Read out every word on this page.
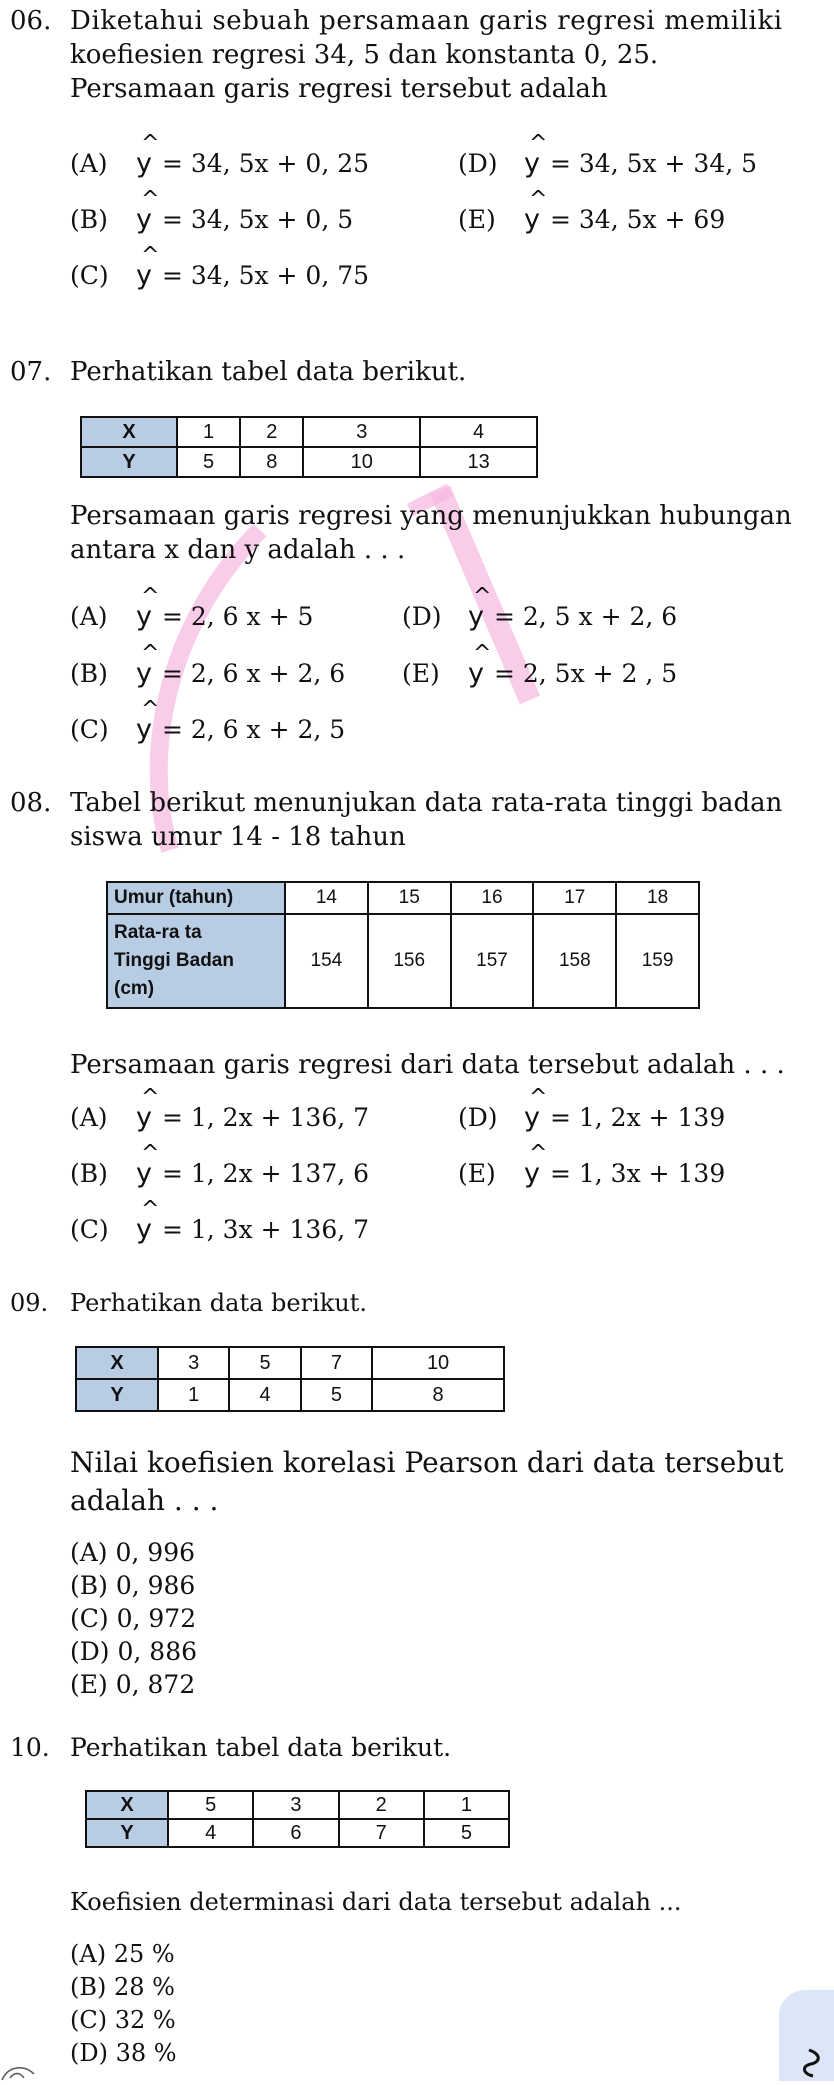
06. Diketahui sebuah persamaan garis regresi memiliki
koefiesien regresi 34, 5 dan konstanta 0, 25.
Persamaan garis regresi tersebut adalah
(A)	^ y = 34, 5x + 0, 25	(D) ^ y = 34, 5x + 34, 5
(B)	^ y = 34, 5x + 0, 5	(E)	^ y = 34, 5x + 69
(C)	^ y = 34, 5x + 0, 75
07. Perhatikan tabel data berikut.
X	1	2	3	4
Y	5	8	10	13
Persamaan garis regresi yang menunjukkan hubungan
antara x dan y adalah . . .
(A)	^ y = 2, 6 x + 5	(D) ^ y = 2, 5 x + 2, 6
(B)	^ y = 2, 6 x + 2, 6 (E)	^ y = 2, 5x + 2 , 5
(C)	^ y = 2, 6 x + 2, 5
08. Tabel berikut menunjukan data rata-rata tinggi badan
siswa umur 14 - 18 tahun
Umur (tahun)	14	15	16	17	18

Rata-ra ta
Tinggi Badan
(cm)	154	156	157	158	159
Persamaan garis regresi dari data tersebut adalah . . .
(A)	^ y = 1, 2x + 136, 7	(D) ^ y = 1, 2x + 139
(B)	^ y = 1, 2x + 137, 6	(E)	^ y = 1, 3x + 139
(C)	^ y = 1, 3x + 136, 7
09. Perhatikan data berikut.
X	3	5	7	10
Y	1	4	5	8
Nilai koefisien korelasi Pearson dari data tersebut
adalah . . .
(A) 0, 996
(B) 0, 986
(C) 0, 972
(D) 0, 886
(E) 0, 872
10. Perhatikan tabel data berikut.
X	5	3	2	1
Y	4	6	7	5
Koefisien determinasi dari data tersebut adalah ...
(A) 25 %
(B) 28 %
(C) 32 %
(D) 38 %
